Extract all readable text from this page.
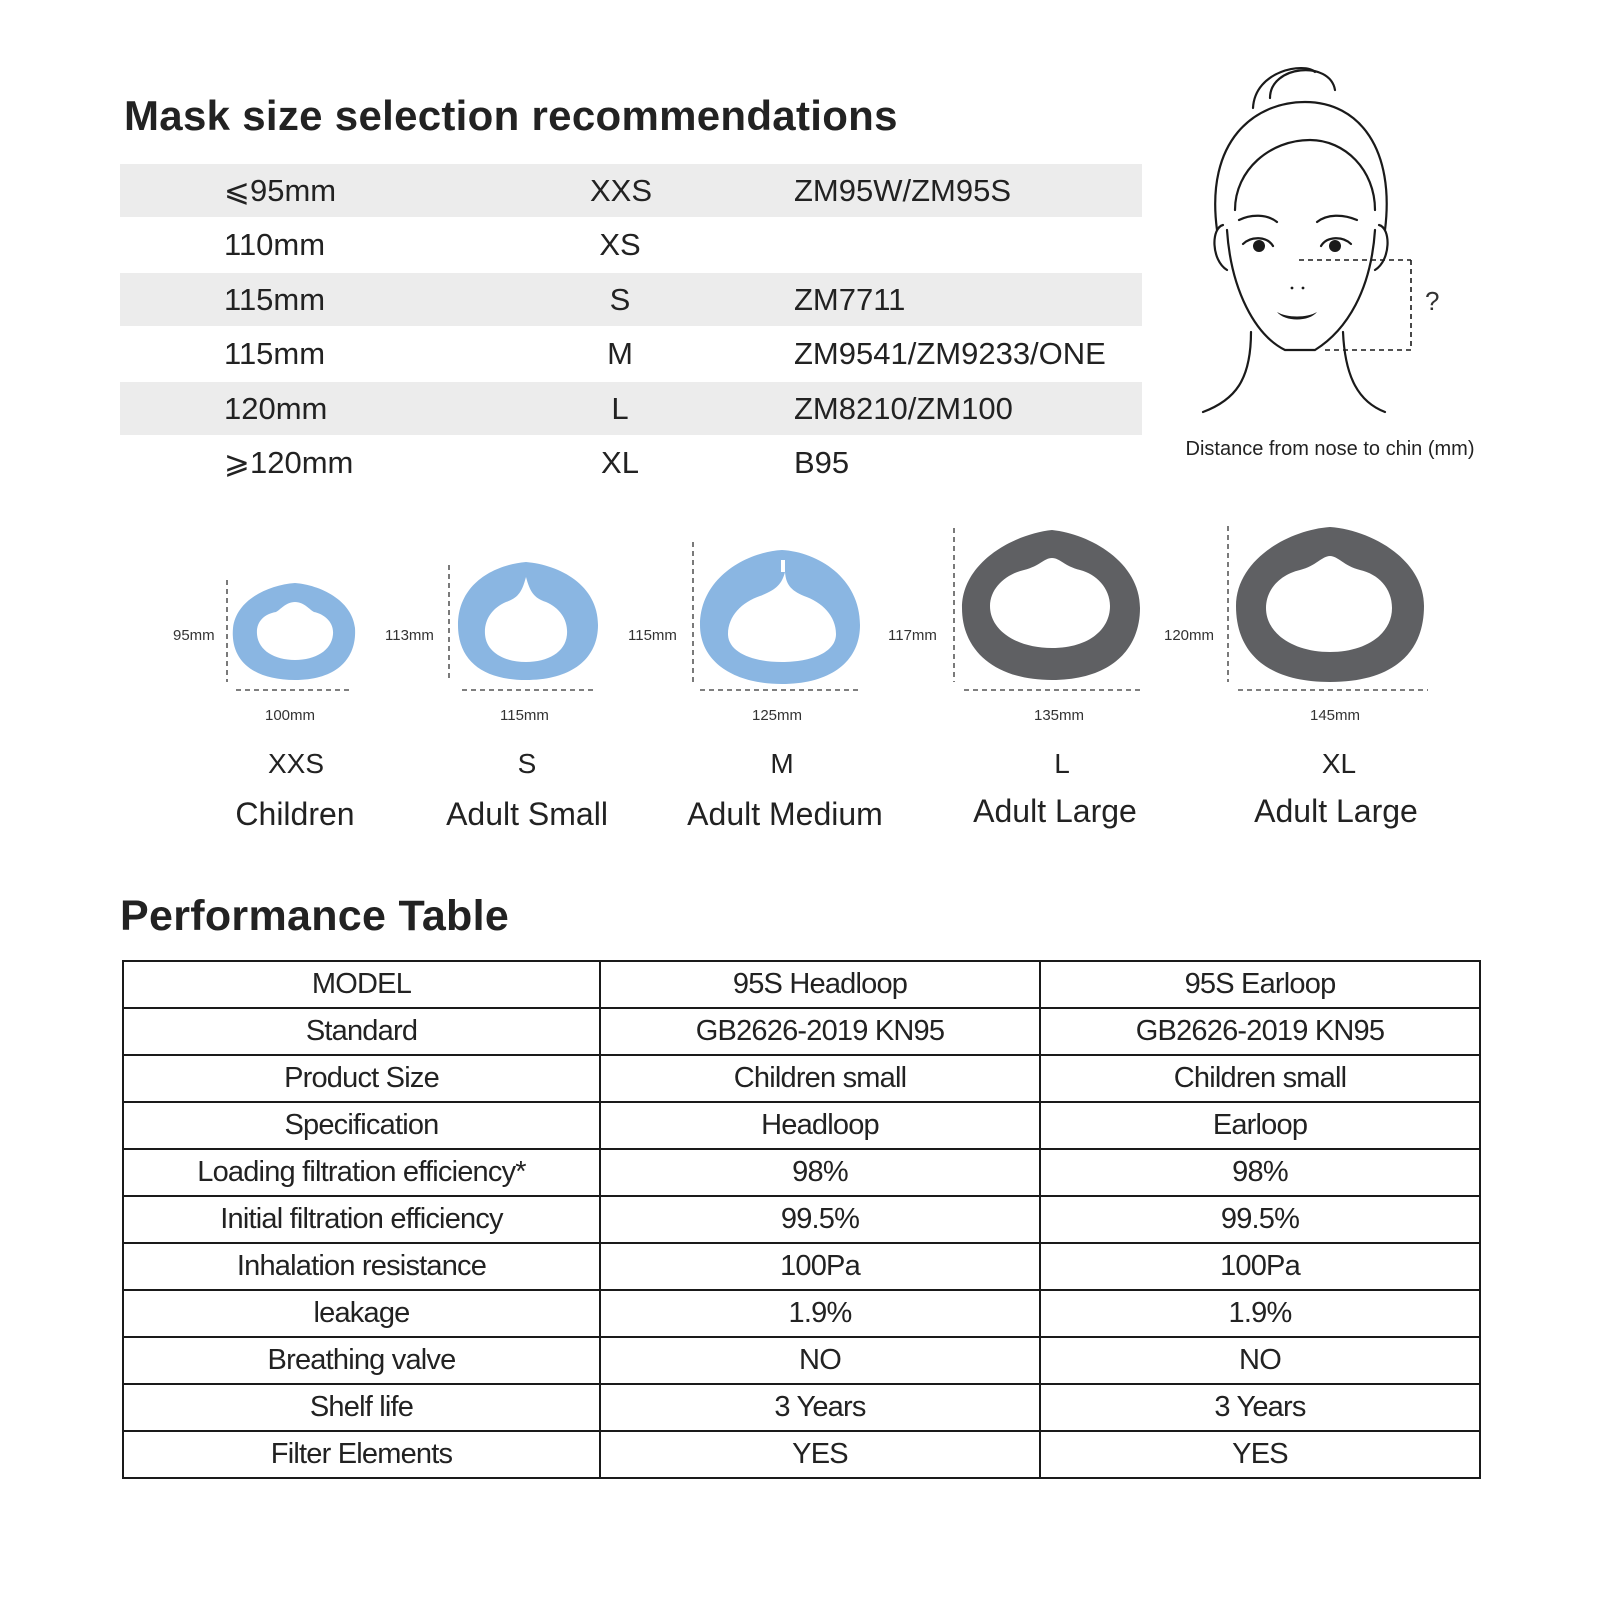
Mask size selection recommendations
⩽95mm	XXS	ZM95W/ZM95S
110mm	XS
115mm	S	ZM7711
115mm	M	ZM9541/ZM9233/ONE
120mm	L	ZM8210/ZM100
⩾120mm	XL	B95
?
Distance from nose to chin (mm)
95mm
100mm
113mm
115mm
115mm
125mm
117mm
135mm
120mm
145mm
XXS
Children
S
Adult Small
M
Adult Medium
L
Adult Large
XL
Adult Large
Performance Table
MODEL	95S Headloop	95S Earloop
Standard	GB2626-2019 KN95	GB2626-2019 KN95
Product Size	Children small	Children small
Specification	Headloop	Earloop
Loading filtration efficiency*	98%	98%
Initial filtration efficiency	99.5%	99.5%
Inhalation resistance	100Pa	100Pa
leakage	1.9%	1.9%
Breathing valve	NO	NO
Shelf life	3 Years	3 Years
Filter Elements	YES	YES
